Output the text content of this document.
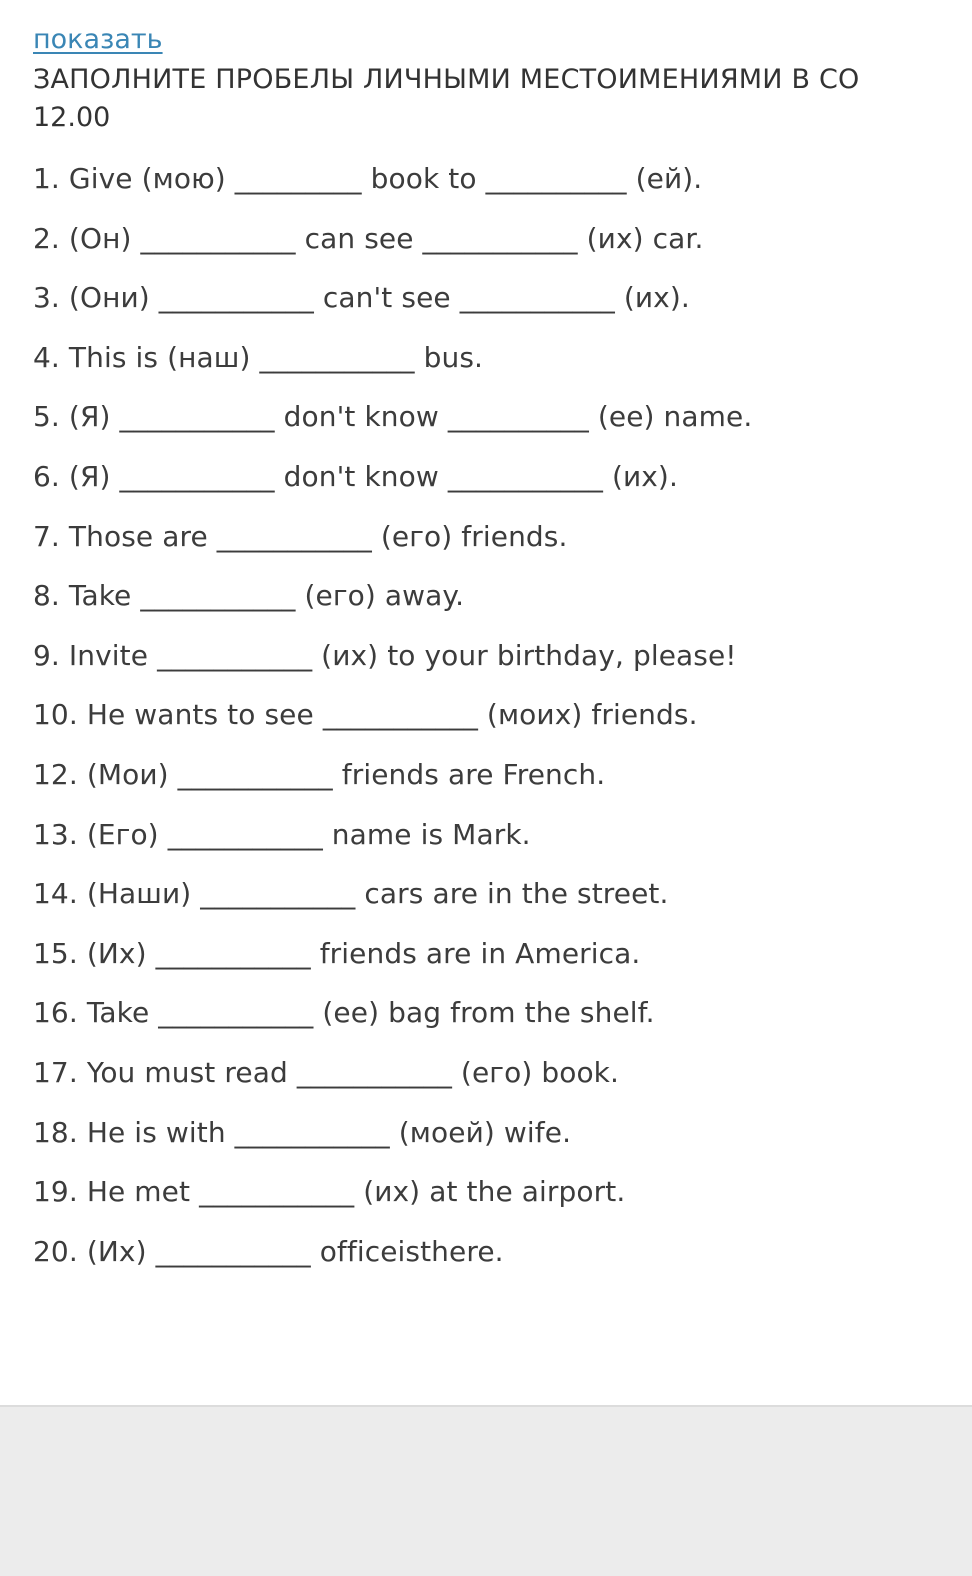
показать
ЗАПОЛНИТЕ ПРОБЕЛЫ ЛИЧНЫМИ МЕСТОИМЕНИЯМИ В СО
12.00
1. Give (мою) _________ book to __________ (ей).
2. (Он) ___________ can see ___________ (их) car.
3. (Они) ___________ can't see ___________ (их).
4. This is (наш) ___________ bus.
5. (Я) ___________ don't know __________ (ее) name.
6. (Я) ___________ don't know ___________ (их).
7. Those are ___________ (его) friends.
8. Take ___________ (его) away.
9. Invite ___________ (их) to your birthday, please!
10. He wants to see ___________ (моих) friends.
12. (Мои) ___________ friends are French.
13. (Его) ___________ name is Mark.
14. (Наши) ___________ cars are in the street.
15. (Их) ___________ friends are in America.
16. Take ___________ (ее) bag from the shelf.
17. You must read ___________ (его) book.
18. He is with ___________ (моей) wife.
19. He met ___________ (их) at the airport.
20. (Их) ___________ officeisthere.
